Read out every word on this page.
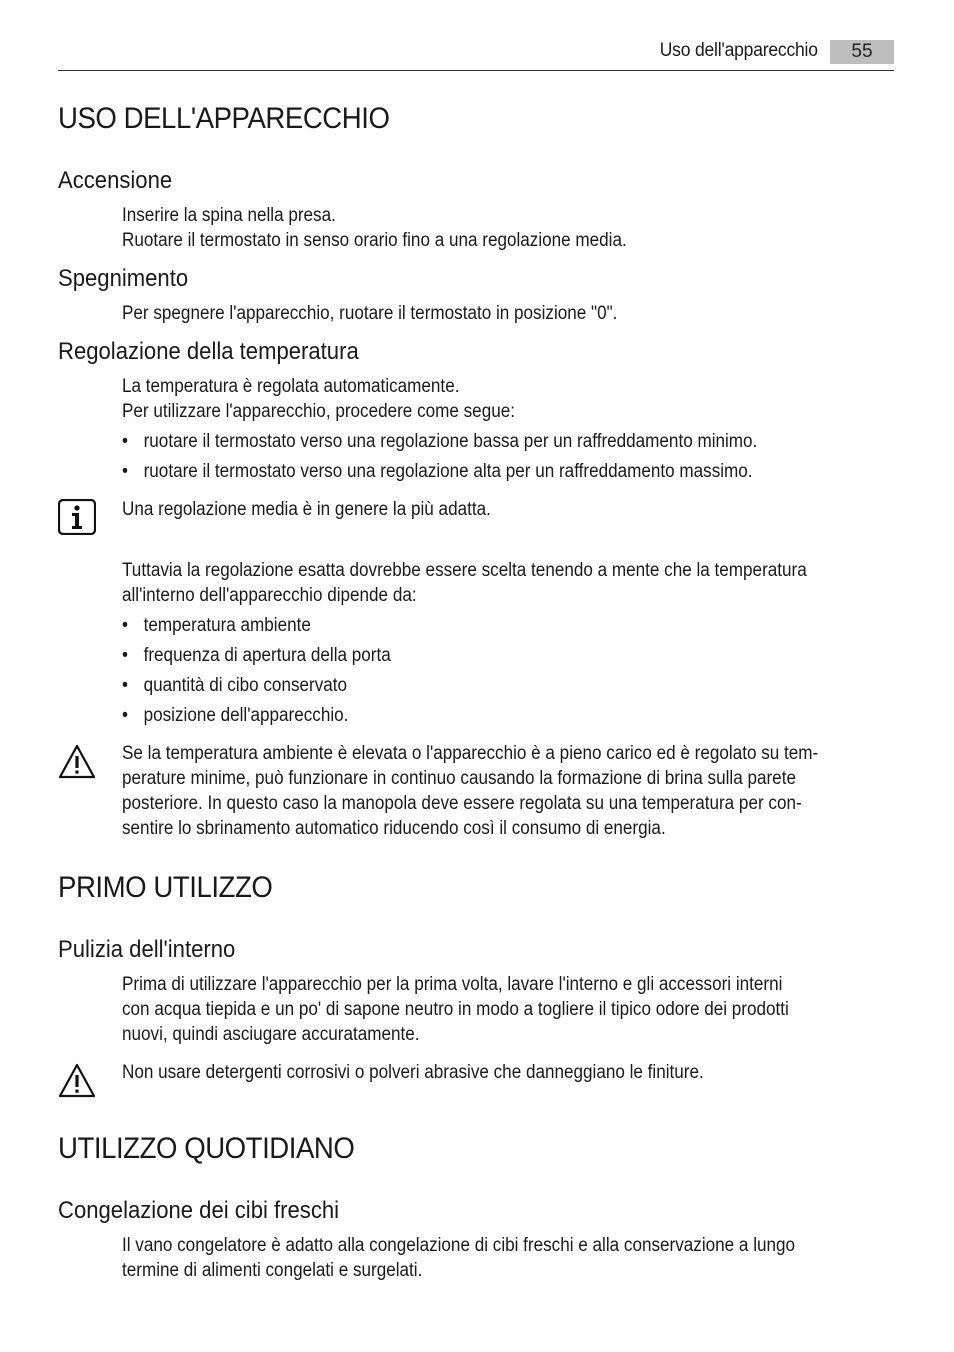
Uso dell'apparecchio	55
USO DELL'APPARECCHIO
Accensione
Inserire la spina nella presa.
Ruotare il termostato in senso orario fino a una regolazione media.
Spegnimento
Per spegnere l'apparecchio, ruotare il termostato in posizione "0".
Regolazione della temperatura
La temperatura è regolata automaticamente.
Per utilizzare l'apparecchio, procedere come segue:
• ruotare il termostato verso una regolazione bassa per un raffreddamento minimo.
• ruotare il termostato verso una regolazione alta per un raffreddamento massimo.
Una regolazione media è in genere la più adatta.
Tuttavia la regolazione esatta dovrebbe essere scelta tenendo a mente che la temperatura
all'interno dell'apparecchio dipende da:
• temperatura ambiente
• frequenza di apertura della porta
• quantità di cibo conservato
• posizione dell'apparecchio.
Se la temperatura ambiente è elevata o l'apparecchio è a pieno carico ed è regolato su tem-
perature minime, può funzionare in continuo causando la formazione di brina sulla parete
posteriore. In questo caso la manopola deve essere regolata su una temperatura per con-
sentire lo sbrinamento automatico riducendo così il consumo di energia.
PRIMO UTILIZZO
Pulizia dell'interno
Prima di utilizzare l'apparecchio per la prima volta, lavare l'interno e gli accessori interni
con acqua tiepida e un po' di sapone neutro in modo a togliere il tipico odore dei prodotti
nuovi, quindi asciugare accuratamente.
Non usare detergenti corrosivi o polveri abrasive che danneggiano le finiture.
UTILIZZO QUOTIDIANO
Congelazione dei cibi freschi
Il vano congelatore è adatto alla congelazione di cibi freschi e alla conservazione a lungo
termine di alimenti congelati e surgelati.
